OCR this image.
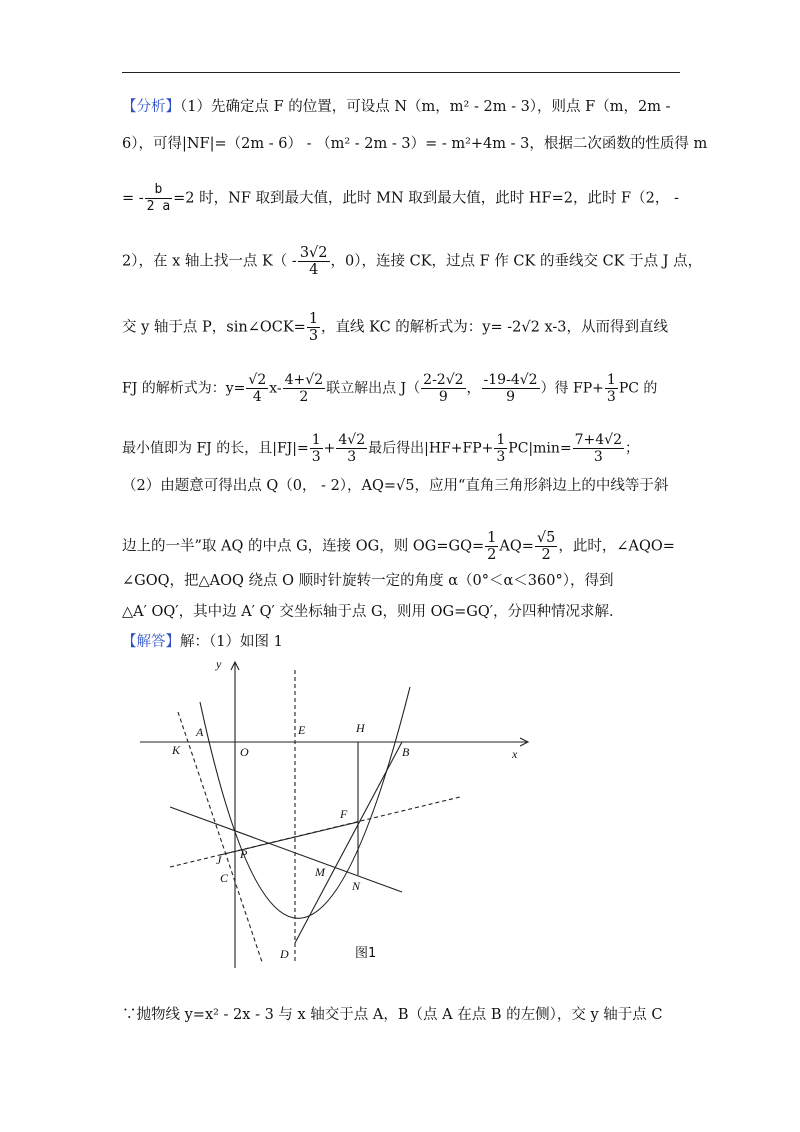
【分析】（1）先确定点 F 的位置，可设点 N（m，m² - 2m - 3），则点 F（m，2m -
6），可得|NF|=（2m - 6） - （m² - 2m - 3）= - m²+4m - 3，根据二次函数的性质得 m
= - $\frac{b}{2 a} =2$ 时，NF 取到最大值，此时 MN 取到最大值，此时 HF=2，此时 F（2， -
2），在 x 轴上找一点 $K( - \frac{3√2}{4}$ ，0），连接 CK，过点 F 作 CK 的垂线交 CK 于点 J 点，
交 y 轴于点 P，sin∠OCK= $\frac{1}{3}$ ，直线 KC 的解析式为：y= -2√2 x-3，从而得到直线
FJ 的解析式为：$y= \frac{√2}{4} x- \frac{4+√2}{2}$ 联立解出点 $J( \frac{2-2√2}{9}$ ， $\frac{-19-4√2}{9}$ ）得 $FP+ \frac{1}{3}$ PC 的
最小值即为 FJ 的长，且$|FJ|= \frac{1}{3} + \frac{4√2}{3}$ 最后得出$|HF+FP+ \frac{1}{3} PC|\min= \frac{7+4√2}{3}$ ；
（2）由题意可得出点 Q（0， - 2），AQ=√5，应用“直角三角形斜边上的中线等于斜
边上的一半”取 AQ 的中点 G，连接 OG，则 $OG=GQ= \frac{1}{2} AQ= \frac{√5}{2}$ ，此时，∠AQO=
∠GOQ，把△AOQ 绕点 O 顺时针旋转一定的角度 α（0°＜α＜360°），得到
△A′ OQ′，其中边 A′ Q′ 交坐标轴于点 G，则用 OG=GQ′，分四种情况求解．
【解答】解：（1）如图 1
y
x
A
K	O
E	H
B
F
J P
C	M
N
D	图1
∵抛物线 y=x² - 2x - 3 与 x 轴交于点 A，B（点 A 在点 B 的左侧），交 y 轴于点 C
